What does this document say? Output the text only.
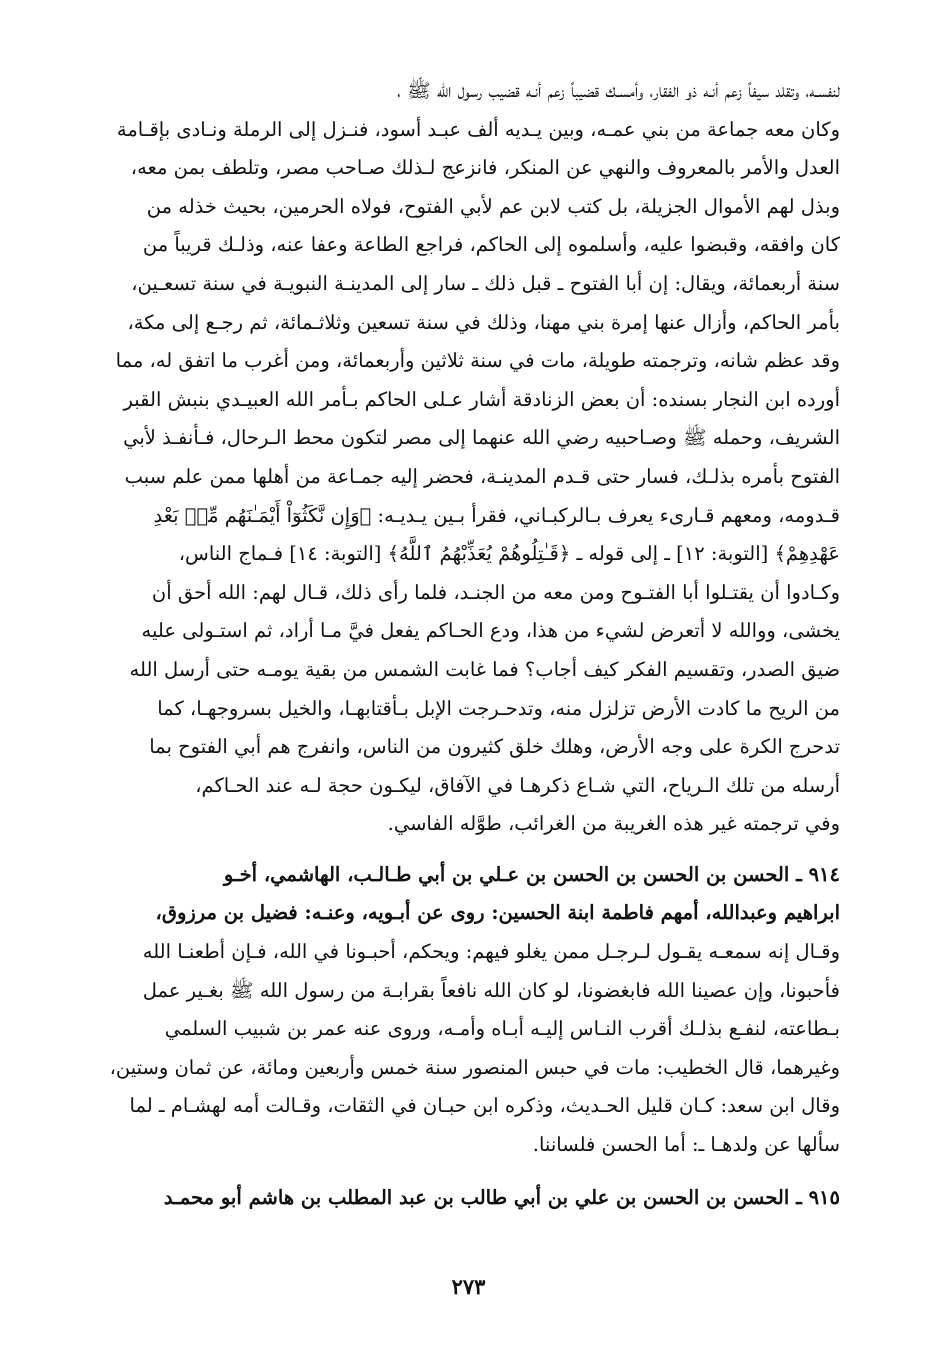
لنفسـه، وتقلد سيفاً زعم أنـه ذو الفقار، وأمسـك قضيباً زعم أنـه قضيب رسول الله ﷺ ،
وكان معه جماعة من بني عمـه، وبين يـديه ألف عبـد أسود، فنـزل إلى الرملة ونـادى بإقـامة
العدل والأمر بالمعروف والنهي عن المنكر، فانزعج لـذلك صـاحب مصر، وتلطف بمن معه،
وبذل لهم الأموال الجزيلة، بل كتب لابن عم لأبي الفتوح، فولاه الحرمين، بحيث خذله من
كان وافقه، وقبضوا عليه، وأسلموه إلى الحاكم، فراجع الطاعة وعفا عنه، وذلـك قريباً من
سنة أربعمائة، ويقال: إن أبا الفتوح ـ قبل ذلك ـ سار إلى المدينـة النبويـة في سنة تسعـين،
بأمر الحاكم، وأزال عنها إمرة بني مهنا، وذلك في سنة تسعين وثلاثـمائة، ثم رجـع إلى مكة،
وقد عظم شانه، وترجمته طويلة، مات في سنة ثلاثين وأربعمائة، ومن أغرب ما اتفق له، مما
أورده ابن النجار بسنده: أن بعض الزنادقة أشار عـلى الحاكم بـأمر الله العبيـدي بنبش القبر
الشريف، وحمله ﷺ وصـاحبيه رضي الله عنهما إلى مصر لتكون محط الـرحال، فـأنفـذ لأبي
الفتوح بأمره بذلـك، فسار حتى قـدم المدينـة، فحضر إليه جمـاعة من أهلها ممن علم سبب
قـدومه، ومعهم قـارىء يعرف بـالركبـاني، فقرأ بـين يـديـه: ﴿وَإِن نَّكَثُوٓاْ أَيْمَـٰنَهُم مِّنۢ بَعْدِ
عَهْدِهِمْ﴾ [التوبة: ١٢] ـ إلى قوله ـ ﴿قَـٰتِلُوهُمْ يُعَذِّبْهُمُ ٱللَّهُ﴾ [التوبة: ١٤] فـماج الناس،
وكـادوا أن يقتـلوا أبا الفتـوح ومن معه من الجنـد، فلما رأى ذلك، قـال لهم: الله أحق أن
يخشى، ووالله لا أتعرض لشيء من هذا، ودع الحـاكم يفعل فيَّ مـا أراد، ثم استـولى عليه
ضيق الصدر، وتقسيم الفكر كيف أجاب؟ فما غابت الشمس من بقية يومـه حتى أرسل الله
من الريح ما كادت الأرض تزلزل منه، وتدحـرجت الإبل بـأقتابهـا، والخيل بسروجهـا، كما
تدحرج الكرة على وجه الأرض، وهلك خلق كثيرون من الناس، وانفرج هم أبي الفتوح بما
أرسله من تلك الـرياح، التي شـاع ذكرهـا في الآفاق، ليكـون حجة لـه عند الحـاكم،
وفي ترجمته غير هذه الغريبة من الغرائب، طوَّله الفاسي.
٩١٤ ـ الحسن بن الحسن بن الحسن بن عـلي بن أبي طـالـب، الهاشمي، أخـو
ابراهيم وعبدالله، أمهم فاطمة ابنة الحسين: روى عن أبـويه، وعنـه: فضيل بن مرزوق،
وقـال إنه سمعـه يقـول لـرجـل ممن يغلو فيهم: ويحكم، أحبـونا في الله، فـإن أطعنـا الله
فأحبونا، وإن عصينا الله فابغضونا، لو كان الله نافعاً بقرابـة من رسول الله ﷺ بغـير عمل
بـطاعته، لنفـع بذلـك أقرب النـاس إليـه أبـاه وأمـه، وروى عنه عمر بن شبيب السلمي
وغيرهما، قال الخطيب: مات في حبس المنصور سنة خمس وأربعين ومائة، عن ثمان وستين،
وقال ابن سعد: كـان قليل الحـديث، وذكره ابن حبـان في الثقات، وقـالت أمه لهشـام ـ لما
سألها عن ولدهـا ـ: أما الحسن فلساننا.
٩١٥ ـ الحسن بن الحسن بن علي بن أبي طالب بن عبد المطلب بن هاشم أبو محمـد
٢٧٣
